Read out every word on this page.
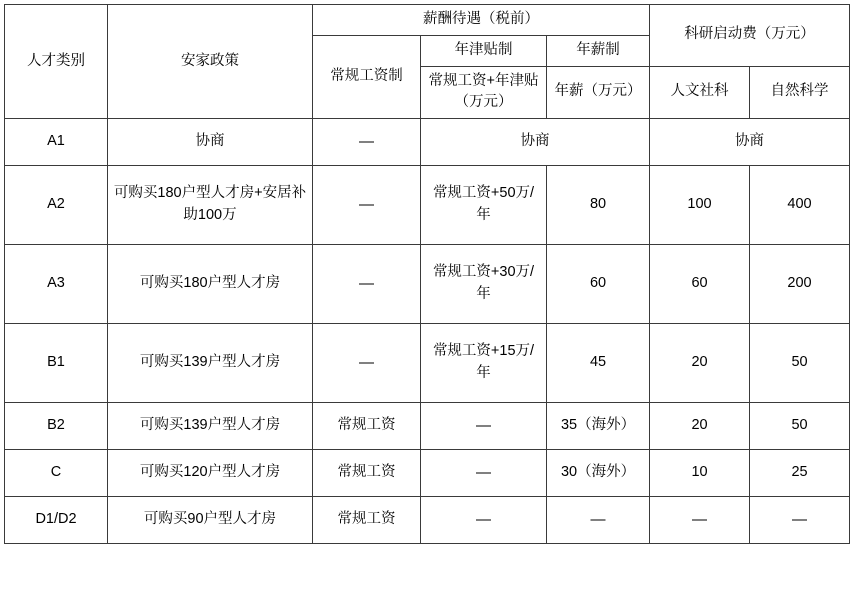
人才类别	安家政策	薪酬待遇（税前）			科研启动费（万元）	
		常规工资制	年津贴制	年薪制		
			常规工资+年津贴（万元）	年薪（万元）	人文社科	自然科学
A1	协商	—	协商		协商	
A2	可购买180户型人才房+安居补助100万	—	常规工资+50万/年	80	100	400
A3	可购买180户型人才房	—	常规工资+30万/年	60	60	200
B1	可购买139户型人才房	—	常规工资+15万/年	45	20	50
B2	可购买139户型人才房	常规工资	—	35（海外）	20	50
C	可购买120户型人才房	常规工资	—	30（海外）	10	25
D1/D2	可购买90户型人才房	常规工资	—	—	—	—
